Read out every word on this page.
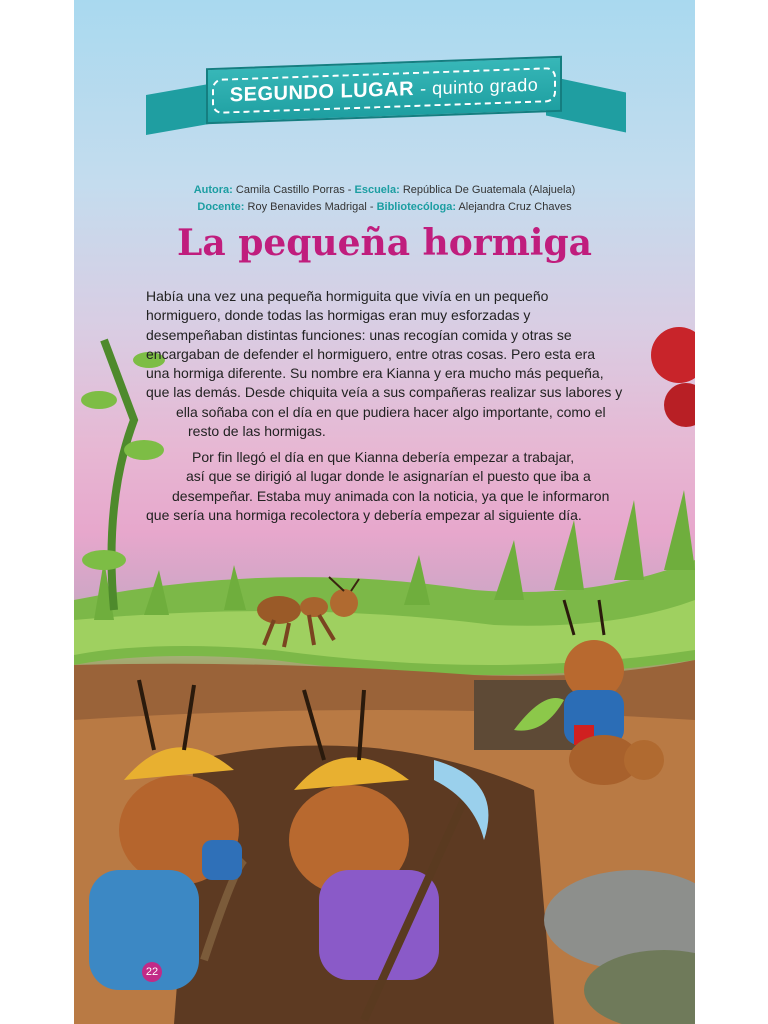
SEGUNDO LUGAR - quinto grado
Autora: Camila Castillo Porras - Escuela: República De Guatemala (Alajuela)
Docente: Roy Benavides Madrigal - Bibliotecóloga: Alejandra Cruz Chaves
La pequeña hormiga
Había una vez una pequeña hormiguita que vivía en un pequeño
hormiguero, donde todas las hormigas eran muy esforzadas y
desempeñaban distintas funciones: unas recogían comida y otras se
encargaban de defender el hormiguero, entre otras cosas. Pero esta era
una hormiga diferente. Su nombre era Kianna y era mucho más pequeña,
que las demás. Desde chiquita veía a sus compañeras realizar sus labores y
ella soñaba con el día en que pudiera hacer algo importante, como el
resto de las hormigas.
Por fin llegó el día en que Kianna debería empezar a trabajar,
así que se dirigió al lugar donde le asignarían el puesto que iba a
desempeñar. Estaba muy animada con la noticia, ya que le informaron
que sería una hormiga recolectora y debería empezar al siguiente día.
22
